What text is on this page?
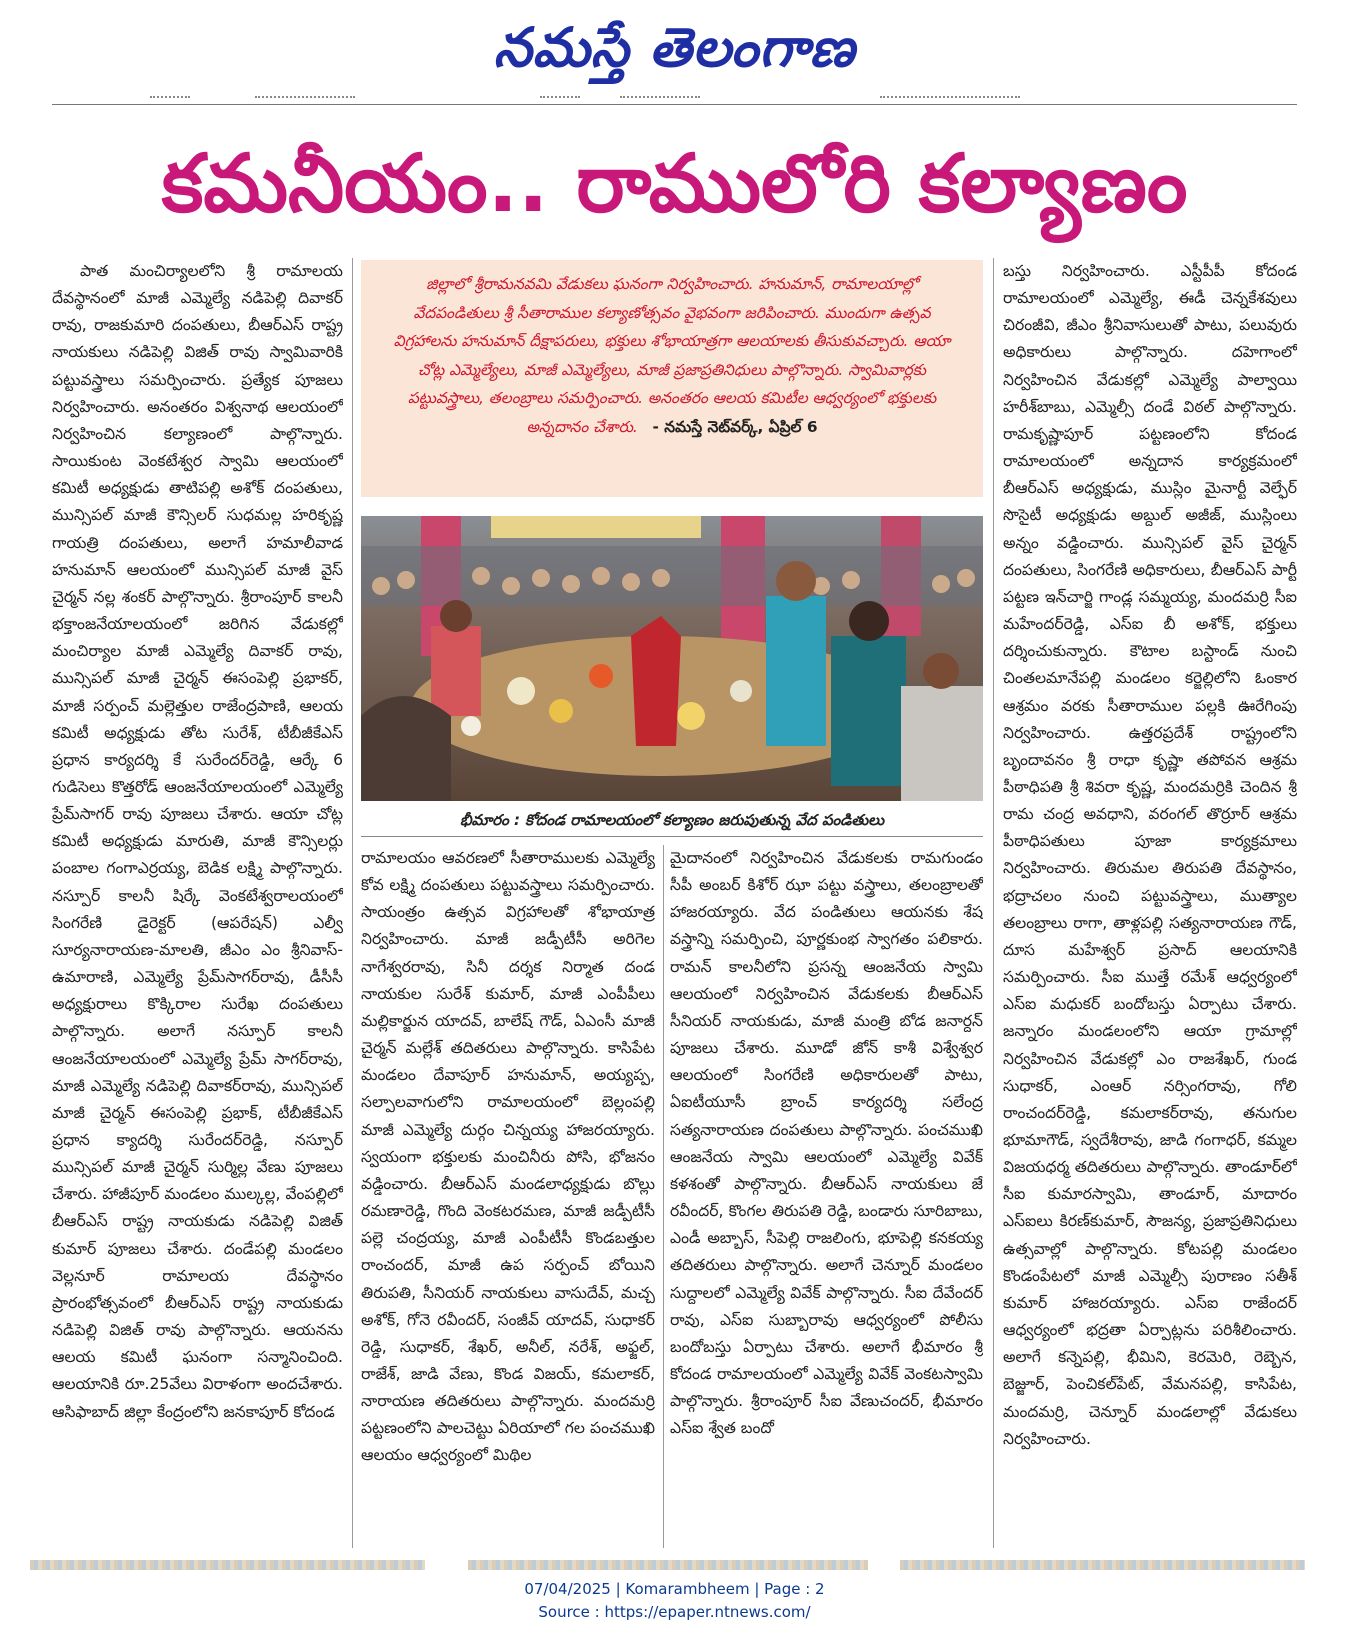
నమస్తే తెలంగాణ
కమనీయం.. రాములోరి కల్యాణం

పాత మంచిర్యాలలోని శ్రీ రామాలయ దేవస్థానంలో మాజీ ఎమ్మెల్యే నడిపెల్లి దివాకర్ రావు, రాజకుమారి దంపతులు, బీఆర్‌ఎస్ రాష్ట్ర నాయకులు నడిపెల్లి విజిత్ రావు స్వామివారికి పట్టువస్త్రాలు సమర్పించారు. ప్రత్యేక పూజలు నిర్వహించారు. అనంతరం విశ్వనాథ ఆలయంలో నిర్వహించిన కల్యాణంలో పాల్గొన్నారు. సాయికుంట వెంకటేశ్వర స్వామి ఆలయంలో కమిటీ అధ్యక్షుడు తాటిపల్లి అశోక్ దంపతులు, మున్సిపల్ మాజీ కౌన్సిలర్ సుధమల్ల హరికృష్ణ గాయత్రి దంపతులు, అలాగే హమాలీవాడ హనుమాన్ ఆలయంలో మున్సిపల్ మాజీ వైస్ చైర్మన్ నల్ల శంకర్ పాల్గొన్నారు. శ్రీరాంపూర్ కాలనీ భక్తాంజనేయాలయంలో జరిగిన వేడుకల్లో మంచిర్యాల మాజీ ఎమ్మెల్యే దివాకర్ రావు, మున్సిపల్ మాజీ చైర్మన్ ఈసంపెల్లి ప్రభాకర్, మాజీ సర్పంచ్ మల్లెత్తుల రాజేంద్రపాణి, ఆలయ కమిటీ అధ్యక్షుడు తోట సురేశ్, టీబీజీకేఎస్ ప్రధాన కార్యదర్శి కే సురేందర్‌రెడ్డి, ఆర్కే 6 గుడిసెలు కొత్తరోడ్ ఆంజనేయాలయంలో ఎమ్మెల్యే ప్రేమ్‌సాగర్ రావు పూజలు చేశారు. ఆయా చోట్ల కమిటీ అధ్యక్షుడు మారుతి, మాజీ కౌన్సిలర్లు పంబాల గంగాఎర్రయ్య, బెడిక లక్ష్మి పాల్గొన్నారు. నస్పూర్ కాలనీ షిర్కే వెంకటేశ్వరాలయంలో సింగరేణి డైరెక్టర్ (ఆపరేషన్) ఎల్వీ సూర్యనారాయణ-మాలతి, జీఎం ఎం శ్రీనివాస్-ఉమారాణి, ఎమ్మెల్యే ప్రేమ్‌సాగర్‌రావు, డీసీసీ అధ్యక్షురాలు కొక్కిరాల సురేఖ దంపతులు పాల్గొన్నారు. అలాగే నస్పూర్ కాలనీ ఆంజనేయాలయంలో ఎమ్మెల్యే ప్రేమ్ సాగర్‌రావు, మాజీ ఎమ్మెల్యే నడిపెల్లి దివాకర్‌రావు, మున్సిపల్ మాజీ చైర్మన్ ఈసంపెల్లి ప్రభాక్, టీబీజీకేఎస్ ప్రధాన క్యాదర్శి సురేందర్‌రెడ్డి, నస్పూర్ మున్సిపల్ మాజీ చైర్మన్ సుర్మిల్ల వేణు పూజలు చేశారు. హాజీపూర్ మండలం ముల్కల్ల, వేంపల్లిలో బీఆర్‌ఎస్ రాష్ట్ర నాయకుడు నడిపెల్లి విజిత్ కుమార్ పూజలు చేశారు. దండేపల్లి మండలం వెల్లనూర్ రామాలయ దేవస్థానం ప్రారంభోత్సవంలో బీఆర్‌ఎస్ రాష్ట్ర నాయకుడు నడిపెల్లి విజిత్ రావు పాల్గొన్నారు. ఆయనను ఆలయ కమిటీ ఘనంగా సన్మానించింది. ఆలయానికి రూ.25వేలు విరాళంగా అందచేశారు. ఆసిఫాబాద్ జిల్లా కేంద్రంలోని జనకాపూర్ కోదండ

జిల్లాలో శ్రీరామనవమి వేడుకలు ఘనంగా నిర్వహించారు. హనుమాన్, రామాలయాల్లో వేదపండితులు శ్రీ సీతారాముల కల్యాణోత్సవం వైభవంగా జరిపించారు. ముందుగా ఉత్సవ విగ్రహాలను హనుమాన్ దీక్షాపరులు, భక్తులు శోభాయాత్రగా ఆలయాలకు తీసుకువచ్చారు. ఆయా చోట్ల ఎమ్మెల్యేలు, మాజీ ఎమ్మెల్యేలు, మాజీ ప్రజాప్రతినిధులు పాల్గొన్నారు. స్వామివార్లకు పట్టువస్త్రాలు, తలంబ్రాలు సమర్పించారు. అనంతరం ఆలయ కమిటీల ఆధ్వర్యంలో భక్తులకు అన్నదానం చేశారు. - నమస్తే నెట్‌వర్క్, ఏప్రిల్ 6

భీమారం : కోదండ రామాలయంలో కల్యాణం జరుపుతున్న వేద పండితులు

రామాలయం ఆవరణలో సీతారాములకు ఎమ్మెల్యే కోవ లక్ష్మి దంపతులు పట్టువస్త్రాలు సమర్పించారు. సాయంత్రం ఉత్సవ విగ్రహాలతో శోభాయాత్ర నిర్వహించారు. మాజీ జడ్పీటీసీ అరిగెల నాగేశ్వరరావు, సినీ దర్శక నిర్మాత దండ నాయకుల సురేశ్ కుమార్, మాజీ ఎంపీపీలు మల్లికార్జున యాదవ్, బాలేష్ గౌడ్, ఏఎంసీ మాజీ చైర్మన్ మల్లేశ్ తదితరులు పాల్గొన్నారు. కాసిపేట మండలం దేవాపూర్ హనుమాన్, అయ్యప్ప, సల్పాలవాగులోని రామాలయంలో బెల్లంపల్లి మాజీ ఎమ్మెల్యే దుర్గం చిన్నయ్య హాజరయ్యారు. స్వయంగా భక్తులకు మంచినీరు పోసి, భోజనం వడ్డించారు. బీఆర్‌ఎస్ మండలాధ్యక్షుడు బొల్లు రమణారెడ్డి, గొంది వెంకటరమణ, మాజీ జడ్పీటీసీ పల్లె చంద్రయ్య, మాజీ ఎంపీటీసీ కొండబత్తుల రాంచందర్, మాజీ ఉప సర్పంచ్ బోయిని తిరుపతి, సీనియర్ నాయకులు వాసుదేవ్, మచ్చ అశోక్, గోనె రవీందర్, సంజీవ్ యాదవ్, సుధాకర్ రెడ్డి, సుధాకర్, శేఖర్, అనీల్, నరేశ్, అఫ్జల్, రాజేశ్, జాడి వేణు, కొండ విజయ్, కమలాకర్, నారాయణ తదితరులు పాల్గొన్నారు. మందమర్రి పట్టణంలోని పాలచెట్టు ఏరియాలో గల పంచముఖి ఆలయం ఆధ్వర్యంలో మిథిల

మైదానంలో నిర్వహించిన వేడుకలకు రామగుండం సీపీ అంబర్ కిశోర్ ఝా పట్టు వస్త్రాలు, తలంబ్రాలతో హాజరయ్యారు. వేద పండితులు ఆయనకు శేష వస్త్రాన్ని సమర్పించి, పూర్ణకుంభ స్వాగతం పలికారు. రామన్ కాలనీలోని ప్రసన్న ఆంజనేయ స్వామి ఆలయంలో నిర్వహించిన వేడుకలకు బీఆర్‌ఎస్ సీనియర్ నాయకుడు, మాజీ మంత్రి బోడ జనార్దన్ పూజలు చేశారు. మూడో జోన్ కాశీ విశ్వేశ్వర ఆలయంలో సింగరేణి అధికారులతో పాటు, ఏఐటీయూసీ బ్రాంచ్ కార్యదర్శి సలేంద్ర సత్యనారాయణ దంపతులు పాల్గొన్నారు. పంచముఖి ఆంజనేయ స్వామి ఆలయంలో ఎమ్మెల్యే వివేక్ కళశంతో పాల్గొన్నారు. బీఆర్‌ఎస్ నాయకులు జే రవీందర్, కొంగల తిరుపతి రెడ్డి, బండారు సూరిబాబు, ఎండీ అబ్బాస్, సీపెల్లి రాజలింగు, భూపెల్లి కనకయ్య తదితరులు పాల్గొన్నారు. అలాగే చెన్నూర్ మండలం సుద్దాలలో ఎమ్మెల్యే వివేక్ పాల్గొన్నారు. సీఐ దేవేందర్ రావు, ఎస్ఐ సుబ్బారావు ఆధ్వర్యంలో పోలీసు బందోబస్తు ఏర్పాటు చేశారు. అలాగే భీమారం శ్రీ కోదండ రామాలయంలో ఎమ్మెల్యే వివేక్ వెంకటస్వామి పాల్గొన్నారు. శ్రీరాంపూర్ సీఐ వేణుచందర్, భీమారం ఎస్ఐ శ్వేత బందో

బస్తు నిర్వహించారు. ఎస్టీపీపీ కోదండ రామాలయంలో ఎమ్మెల్యే, ఈడీ చెన్నకేశవులు చిరంజీవి, జీఎం శ్రీనివాసులుతో పాటు, పలువురు అధికారులు పాల్గొన్నారు. దహెగాంలో నిర్వహించిన వేడుకల్లో ఎమ్మెల్యే పాల్వాయి హరీశ్‌బాబు, ఎమ్మెల్సీ దండే విఠల్ పాల్గొన్నారు. రామకృష్ణాపూర్ పట్టణంలోని కోదండ రామాలయంలో అన్నదాన కార్యక్రమంలో బీఆర్‌ఎస్ అధ్యక్షుడు, ముస్లిం మైనార్టీ వెల్ఫేర్ సొసైటీ అధ్యక్షుడు అబ్దుల్ అజీజ్, ముస్లింలు అన్నం వడ్డించారు. మున్సిపల్ వైస్ చైర్మన్ దంపతులు, సింగరేణి అధికారులు, బీఆర్‌ఎస్ పార్టీ పట్టణ ఇన్‌చార్జి గాండ్ల సమ్మయ్య, మందమర్రి సీఐ మహేందర్‌రెడ్డి, ఎస్ఐ బీ అశోక్, భక్తులు దర్శించుకున్నారు. కౌటాల బస్టాండ్ నుంచి చింతలమానేపల్లి మండలం కర్జెల్లిలోని ఓంకార ఆశ్రమం వరకు సీతారాముల పల్లకి ఊరేగింపు నిర్వహించారు. ఉత్తరప్రదేశ్ రాష్ట్రంలోని బృందావనం శ్రీ రాధా కృష్ణా తపోవన ఆశ్రమ పీఠాధిపతి శ్రీ శివరా కృష్ణ, మందమర్రికి చెందిన శ్రీ రామ చంద్ర అవధాని, వరంగల్ తొర్రూర్ ఆశ్రమ పీఠాధిపతులు పూజా కార్యక్రమాలు నిర్వహించారు. తిరుమల తిరుపతి దేవస్థానం, భద్రాచలం నుంచి పట్టువస్త్రాలు, ముత్యాల తలంబ్రాలు రాగా, తాళ్లపల్లి సత్యనారాయణ గౌడ్, దూస మహేశ్వర్ ప్రసాద్ ఆలయానికి సమర్పించారు. సీఐ ముత్తే రమేశ్ ఆధ్వర్యంలో ఎస్ఐ మధుకర్ బందోబస్తు ఏర్పాటు చేశారు. జన్నారం మండలంలోని ఆయా గ్రామాల్లో నిర్వహించిన వేడుకల్లో ఎం రాజశేఖర్, గుండ సుధాకర్, ఎంఆర్ నర్సింగరావు, గోలి రాంచందర్‌రెడ్డి, కమలాకర్‌రావు, తనుగుల భూమాగౌడ్, స్వదేశీరావు, జాడి గంగాధర్, కమ్మల విజయధర్మ తదితరులు పాల్గొన్నారు. తాండూర్‌లో సీఐ కుమారస్వామి, తాండూర్, మాదారం ఎస్ఐలు కిరణ్‌కుమార్, సౌజన్య, ప్రజాప్రతినిధులు ఉత్సవాల్లో పాల్గొన్నారు. కోటపల్లి మండలం కొండంపేటలో మాజీ ఎమ్మెల్సీ పురాణం సతీశ్ కుమార్ హాజరయ్యారు. ఎస్ఐ రాజేందర్ ఆధ్వర్యంలో భద్రతా ఏర్పాట్లను పరిశీలించారు. అలాగే కన్నెపల్లి, భీమిని, కెరమెరి, రెబ్బెన, బెజ్జూర్, పెంచికల్‌పేట్, వేమనపల్లి, కాసిపేట, మందమర్రి, చెన్నూర్ మండలాల్లో వేడుకలు నిర్వహించారు.

07/04/2025 | Komarambheem | Page : 2
Source : https://epaper.ntnews.com/
